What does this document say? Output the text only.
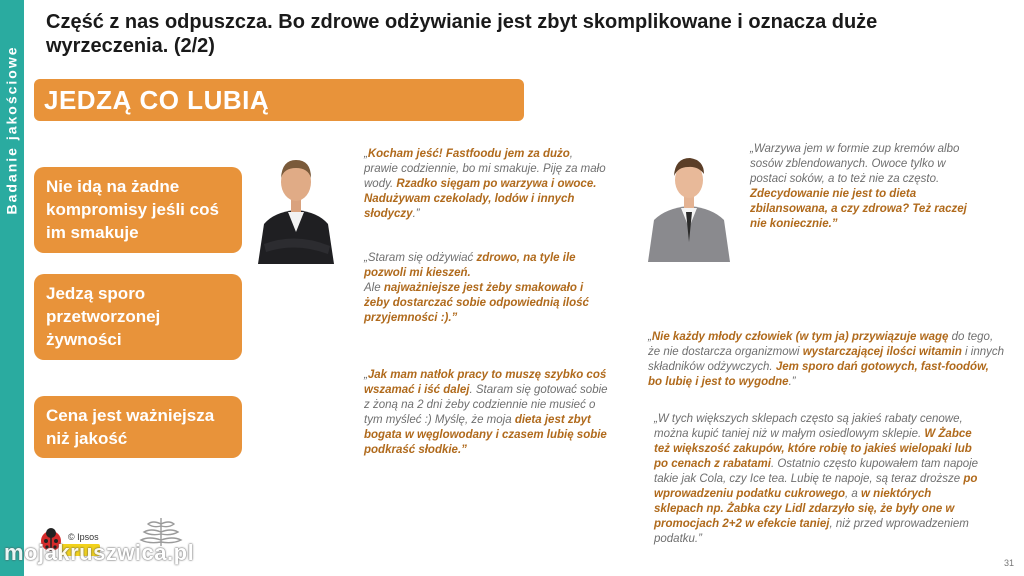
Badanie jakościowe
Część z nas odpuszcza. Bo zdrowe odżywianie jest zbyt skomplikowane i oznacza duże wyrzeczenia. (2/2)
JEDZĄ CO LUBIĄ
Nie idą na żadne kompromisy jeśli coś im smakuje
Jedzą sporo przetworzonej żywności
Cena jest ważniejsza niż jakość

„Kocham jeść! Fastfoodu jem za dużo, prawie codziennie, bo mi smakuje. Piję za mało wody. Rzadko sięgam po warzywa i owoce. Nadużywam czekolady, lodów i innych słodyczy.”

„Staram się odżywiać zdrowo, na tyle ile pozwoli mi kieszeń.
Ale najważniejsze jest żeby smakowało i żeby dostarczać sobie odpowiednią ilość przyjemności :).”

„Jak mam natłok pracy to muszę szybko coś wszamać i iść dalej. Staram się gotować sobie z żoną na 2 dni żeby codziennie nie musieć o tym myśleć :) Myślę, że moja dieta jest zbyt bogata w węglowodany i czasem lubię sobie podkraść słodkie.”

„Warzywa jem w formie zup kremów albo sosów zblendowanych. Owoce tylko w postaci soków, a to też nie za często. Zdecydowanie nie jest to dieta zbilansowana, a czy zdrowa? Też raczej nie koniecznie.”

„Nie każdy młody człowiek (w tym ja) przywiązuje wagę do tego, że nie dostarcza organizmowi wystarczającej ilości witamin i innych składników odżywczych. Jem sporo dań gotowych, fast-foodów, bo lubię i jest to wygodne.”

„W tych większych sklepach często są jakieś rabaty cenowe, można kupić taniej niż w małym osiedlowym sklepie. W Żabce też większość zakupów, które robię to jakieś wielopaki lub po cenach z rabatami. Ostatnio często kupowałem tam napoje takie jak Cola, czy Ice tea. Lubię te napoje, są teraz droższe po wprowadzeniu podatku cukrowego, a w niektórych sklepach np. Żabka czy Lidl zdarzyło się, że były one w promocjach 2+2 w efekcie taniej, niż przed wprowadzeniem podatku.”

© Ipsos
mojakruszwica.pl	31
